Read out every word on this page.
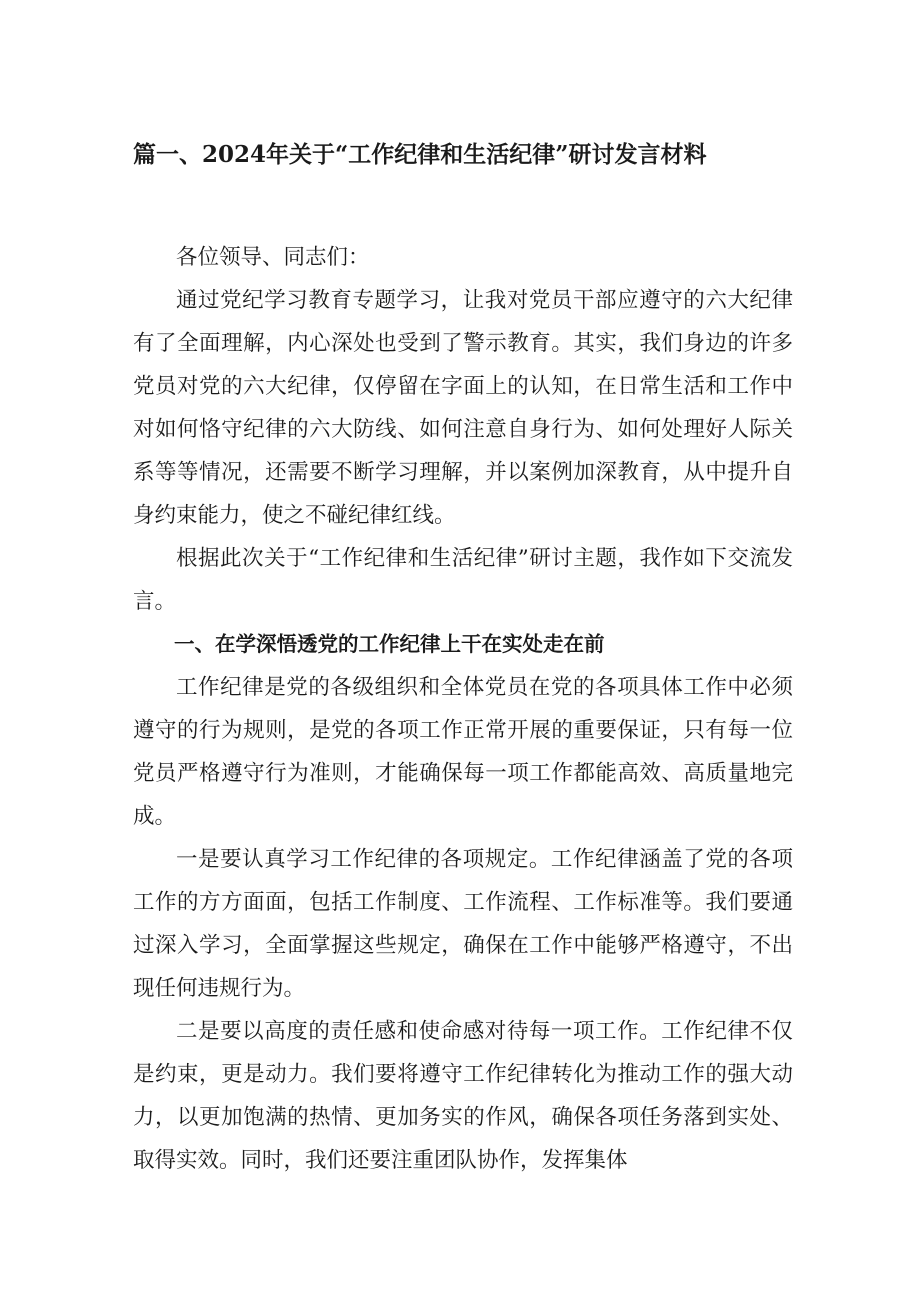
篇一、2024年关于“工作纪律和生活纪律”研讨发言材料

各位领导、同志们：

通过党纪学习教育专题学习，让我对党员干部应遵守的六大纪律有了全面理解，内心深处也受到了警示教育。其实，我们身边的许多党员对党的六大纪律，仅停留在字面上的认知，在日常生活和工作中对如何恪守纪律的六大防线、如何注意自身行为、如何处理好人际关系等等情况，还需要不断学习理解，并以案例加深教育，从中提升自身约束能力，使之不碰纪律红线。

根据此次关于“工作纪律和生活纪律”研讨主题，我作如下交流发言。

一、在学深悟透党的工作纪律上干在实处走在前

工作纪律是党的各级组织和全体党员在党的各项具体工作中必须遵守的行为规则，是党的各项工作正常开展的重要保证，只有每一位党员严格遵守行为准则，才能确保每一项工作都能高效、高质量地完成。

一是要认真学习工作纪律的各项规定。工作纪律涵盖了党的各项工作的方方面面，包括工作制度、工作流程、工作标准等。我们要通过深入学习，全面掌握这些规定，确保在工作中能够严格遵守，不出现任何违规行为。

二是要以高度的责任感和使命感对待每一项工作。工作纪律不仅是约束，更是动力。我们要将遵守工作纪律转化为推动工作的强大动力，以更加饱满的热情、更加务实的作风，确保各项任务落到实处、取得实效。同时，我们还要注重团队协作，发挥集体
